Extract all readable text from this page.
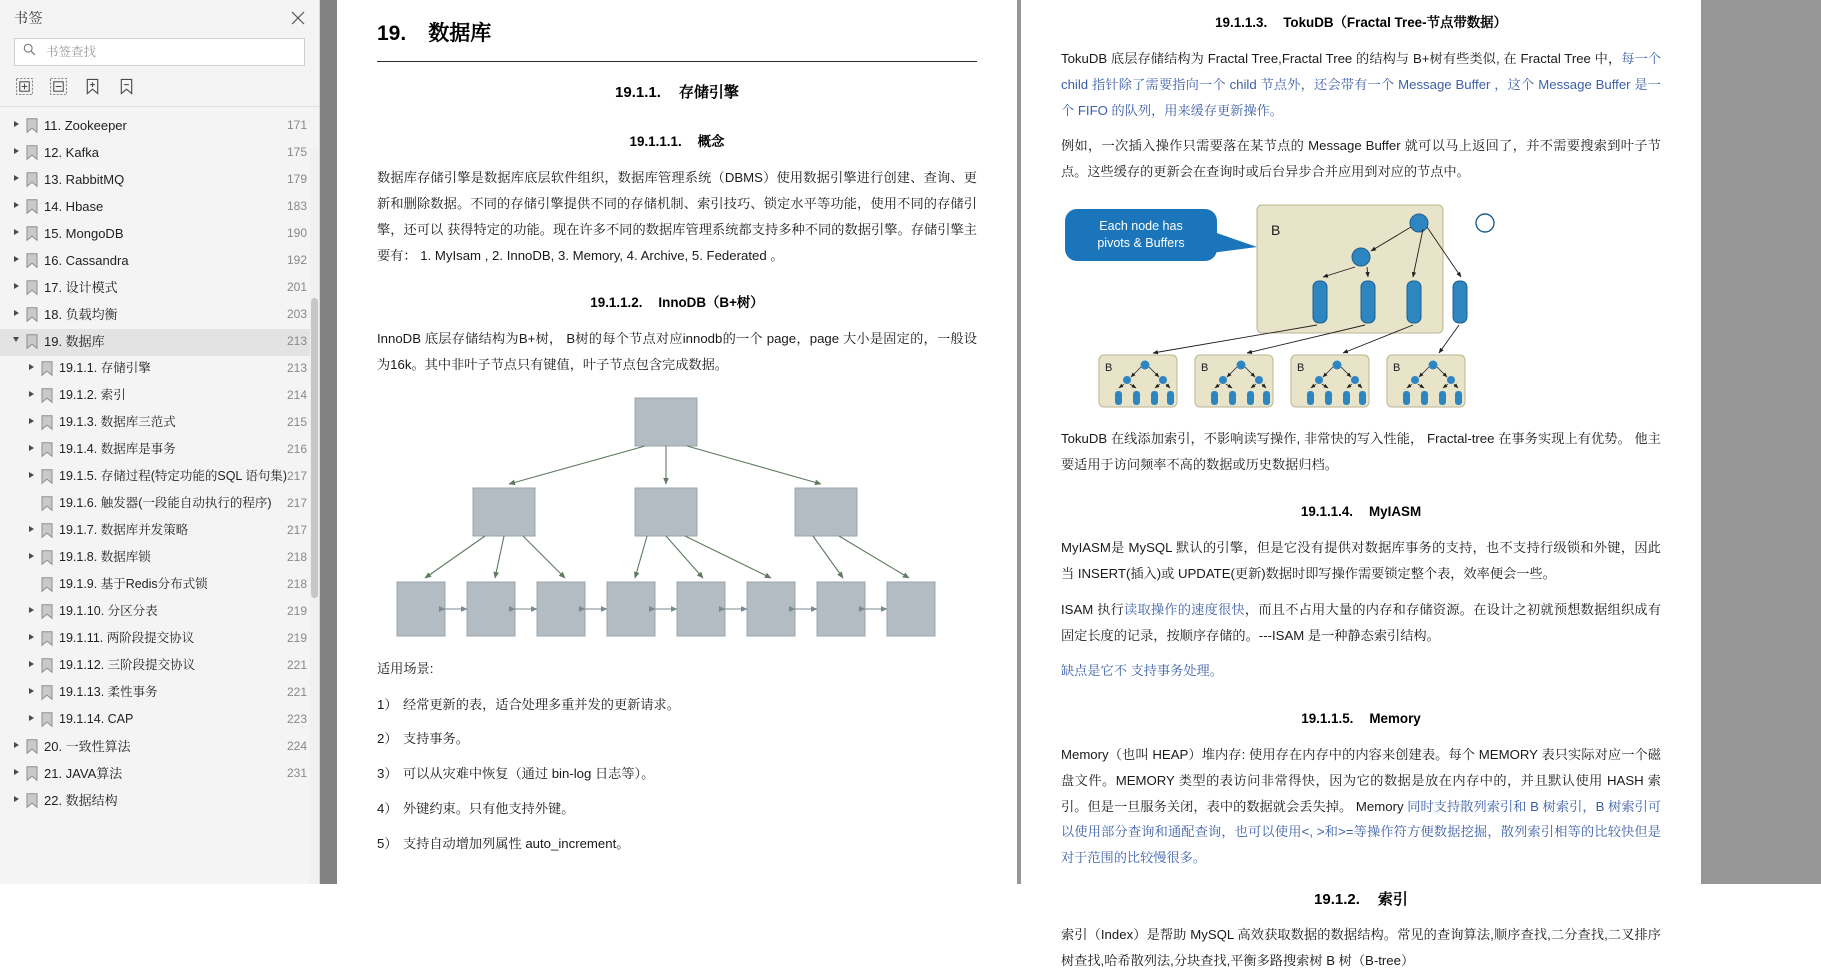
书签
书签查找
11. Zookeeper	171
12. Kafka	175
13. RabbitMQ	179
14. Hbase	183
15. MongoDB	190
16. Cassandra	192
17. 设计模式	201
18. 负载均衡	203
19. 数据库	213
19.1.1. 存储引擎	213
19.1.2. 索引	214
19.1.3. 数据库三范式	215
19.1.4. 数据库是事务	216
19.1.5. 存储过程(特定功能的SQL 语句集) 217
19.1.6. 触发器(一段能自动执行的程序)	217
19.1.7. 数据库并发策略	217
19.1.8. 数据库锁	218
19.1.9. 基于Redis分布式锁	218
19.1.10. 分区分表	219
19.1.11. 两阶段提交协议	219
19.1.12. 三阶段提交协议	221
19.1.13. 柔性事务	221
19.1.14. CAP	223
20. 一致性算法	224
21. JAVA算法	231
22. 数据结构
19. 数据库
19.1.1. 存储引擎
19.1.1.1. 概念

数据库存储引擎是数据库底层软件组织，数据库管理系统（DBMS）使用数据引擎进行创建、查询、更新和删除数据。不同的存储引擎提供不同的存储机制、索引技巧、锁定水平等功能，使用不同的存储引擎，还可以 获得特定的功能。现在许多不同的数据库管理系统都支持多种不同的数据引擎。存储引擎主要有： 1. MyIsam , 2. InnoDB, 3. Memory, 4. Archive, 5. Federated 。

19.1.1.2. InnoDB（B+树）

InnoDB 底层存储结构为B+树， B树的每个节点对应innodb的一个 page，page 大小是固定的，一般设为16k。其中非叶子节点只有键值，叶子节点包含完成数据。

适用场景:

1） 经常更新的表，适合处理多重并发的更新请求。
2） 支持事务。
3） 可以从灾难中恢复（通过 bin-log 日志等）。
4） 外键约束。只有他支持外键。
5） 支持自动增加列属性 auto_increment。
19.1.1.3. TokuDB（Fractal Tree-节点带数据）

TokuDB 底层存储结构为 Fractal Tree,Fractal Tree 的结构与 B+树有些类似, 在 Fractal Tree 中，每一个 child 指针除了需要指向一个 child 节点外，还会带有一个 Message Buffer ，这个 Message Buffer 是一个 FIFO 的队列，用来缓存更新操作。

例如，一次插入操作只需要落在某节点的 Message Buffer 就可以马上返回了，并不需要搜索到叶子节点。这些缓存的更新会在查询时或后台异步合并应用到对应的节点中。

Each node has
pivots & Buffers
B
B	B	B	B

TokuDB 在线添加索引，不影响读写操作, 非常快的写入性能， Fractal-tree 在事务实现上有优势。 他主要适用于访问频率不高的数据或历史数据归档。

19.1.1.4. MyIASM

MyIASM是 MySQL 默认的引擎，但是它没有提供对数据库事务的支持，也不支持行级锁和外键，因此当 INSERT(插入)或 UPDATE(更新)数据时即写操作需要锁定整个表，效率便会一些。

ISAM 执行读取操作的速度很快，而且不占用大量的内存和存储资源。在设计之初就预想数据组织成有固定长度的记录，按顺序存储的。---ISAM 是一种静态索引结构。

缺点是它不 支持事务处理。

19.1.1.5. Memory

Memory（也叫 HEAP）堆内存: 使用存在内存中的内容来创建表。每个 MEMORY 表只实际对应一个磁盘文件。MEMORY 类型的表访问非常得快，因为它的数据是放在内存中的，并且默认使用 HASH 索引。但是一旦服务关闭，表中的数据就会丢失掉。 Memory 同时支持散列索引和 B 树索引，B 树索引可以使用部分查询和通配查询，也可以使用<, >和>=等操作符方便数据挖掘，散列索引相等的比较快但是对于范围的比较慢很多。

19.1.2. 索引

索引（Index）是帮助 MySQL 高效获取数据的数据结构。常见的查询算法,顺序查找,二分查找,二叉排序树查找,哈希散列法,分块查找,平衡多路搜索树 B 树（B-tree）
